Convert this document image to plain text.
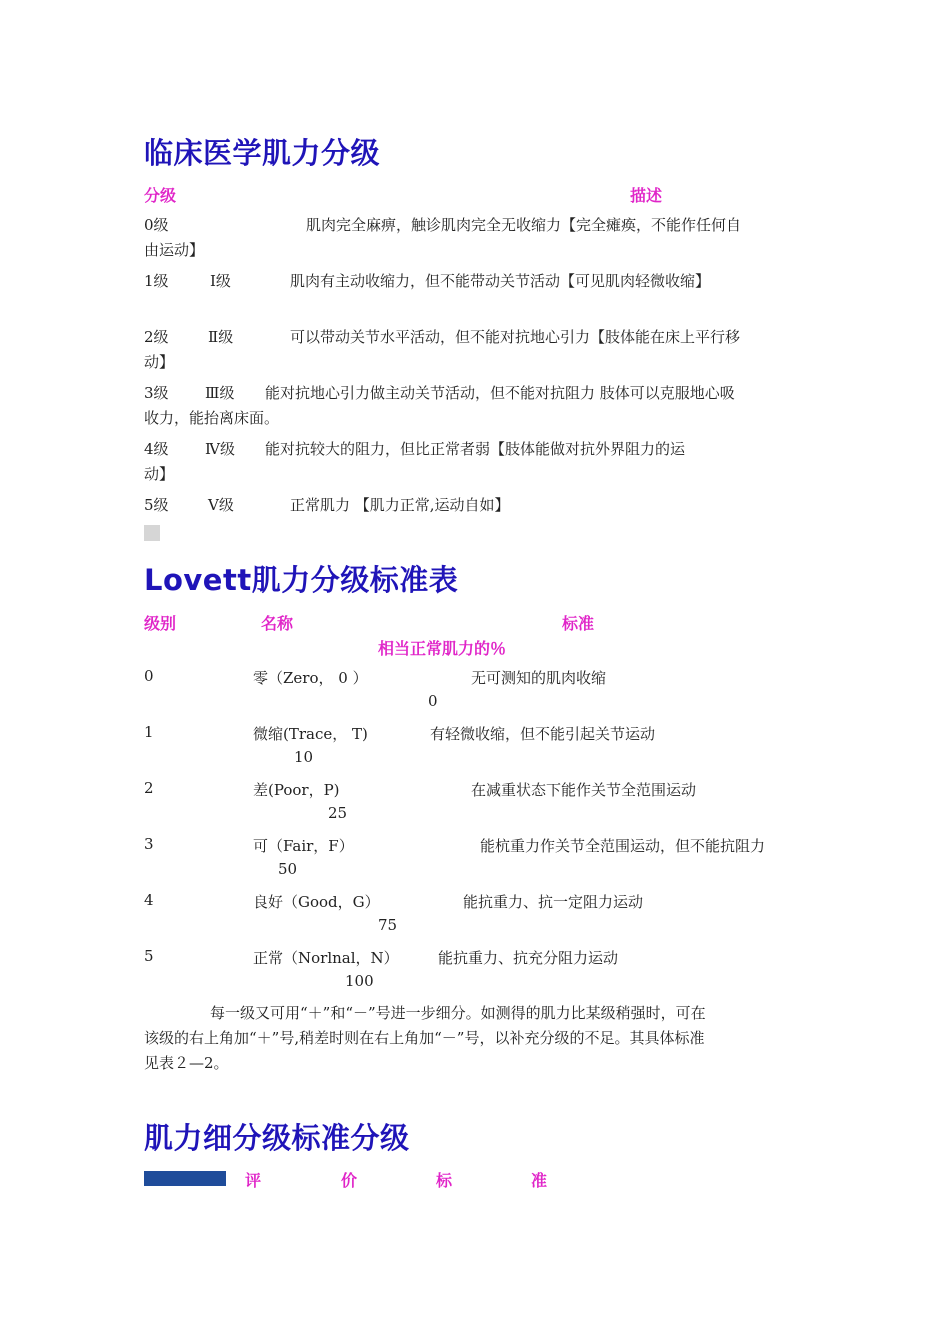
临床医学肌力分级
分级	描述
0级	肌肉完全麻痹，触诊肌肉完全无收缩力【完全瘫痪，不能作任何自
由运动】
1级	Ⅰ级	肌肉有主动收缩力，但不能带动关节活动【可见肌肉轻微收缩】
2级	Ⅱ级	可以带动关节水平活动，但不能对抗地心引力【肢体能在床上平行移
动】
3级 Ⅲ级 能对抗地心引力做主动关节活动，但不能对抗阻力 肢体可以克服地心吸
收力，能抬离床面。
4级 Ⅳ级 能对抗较大的阻力，但比正常者弱【肢体能做对抗外界阻力的运
动】
5级	Ⅴ级	正常肌力 【肌力正常,运动自如】
Lovett肌力分级标准表
级别	名称	标准
相当正常肌力的％
0	零（Zero， 0 ）	无可测知的肌肉收缩
0
1	微缩(Trace， T)	有轻微收缩，但不能引起关节运动
10
2	差(Poor，P)	在减重状态下能作关节全范围运动
25
3	可（Fair，F）	能杭重力作关节全范围运动，但不能抗阻力
50
4	良好（Good，G）	能抗重力、抗一定阻力运动
75
5	正常（Norlnal，N）	能抗重力、抗充分阻力运动
100
每一级又可用“＋”和“－”号进一步细分。如测得的肌力比某级稍强时，可在
该级的右上角加“＋”号,稍差时则在右上角加“－”号，以补充分级的不足。其具体标准
见表２—2。
肌力细分级标准分级
评	价	标	准
